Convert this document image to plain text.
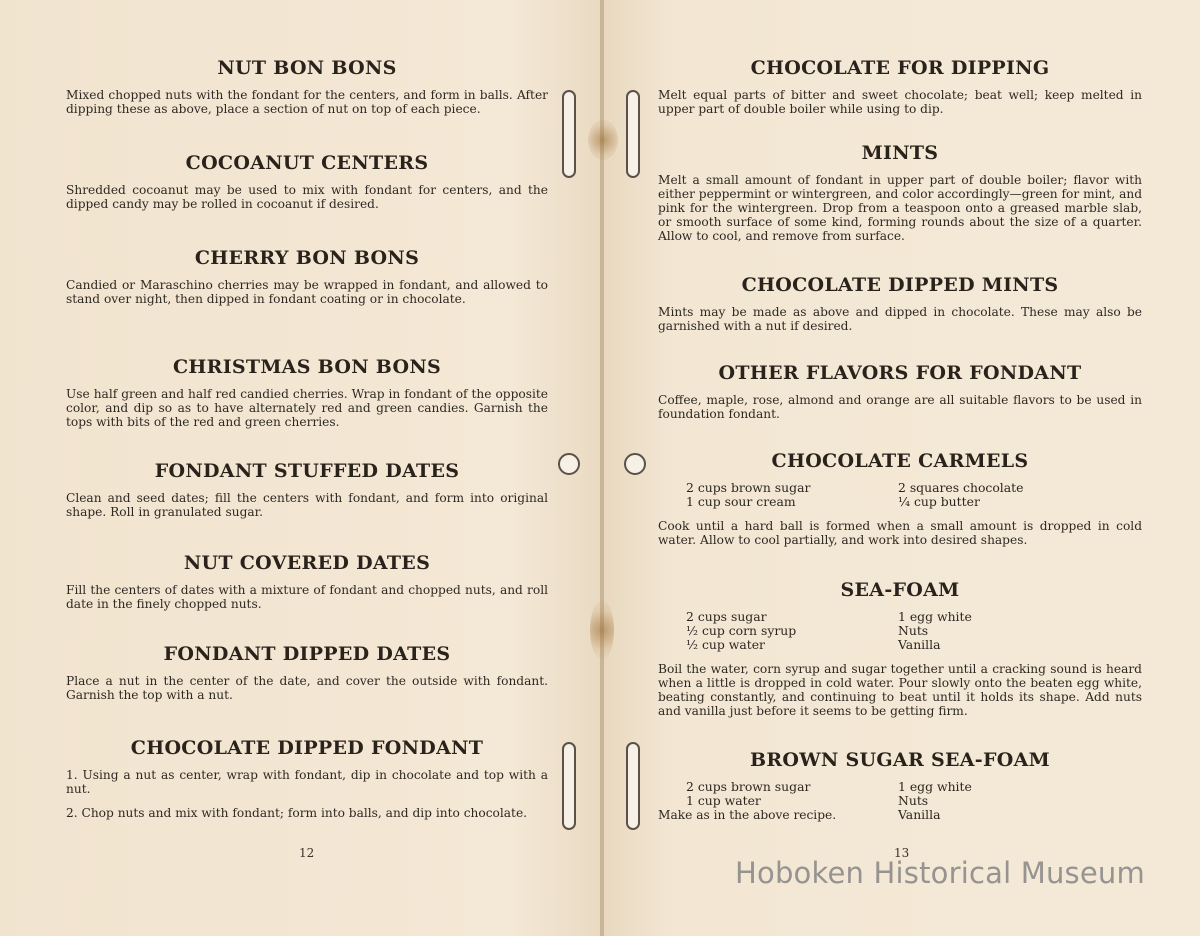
NUT BON BONS

Mixed chopped nuts with the fondant for the centers, and form in balls. After dipping these as above, place a section of nut on top of each piece.

COCOANUT CENTERS

Shredded cocoanut may be used to mix with fondant for centers, and the dipped candy may be rolled in cocoanut if desired.

CHERRY BON BONS

Candied or Maraschino cherries may be wrapped in fondant, and allowed to stand over night, then dipped in fondant coating or in chocolate.

CHRISTMAS BON BONS

Use half green and half red candied cherries. Wrap in fondant of the opposite color, and dip so as to have alternately red and green candies. Garnish the tops with bits of the red and green cherries.

FONDANT STUFFED DATES

Clean and seed dates; fill the centers with fondant, and form into original shape. Roll in granulated sugar.

NUT COVERED DATES

Fill the centers of dates with a mixture of fondant and chopped nuts, and roll date in the finely chopped nuts.

FONDANT DIPPED DATES

Place a nut in the center of the date, and cover the outside with fondant. Garnish the top with a nut.

CHOCOLATE DIPPED FONDANT

1. Using a nut as center, wrap with fondant, dip in chocolate and top with a nut.

2. Chop nuts and mix with fondant; form into balls, and dip into chocolate.

12
CHOCOLATE FOR DIPPING

Melt equal parts of bitter and sweet chocolate; beat well; keep melted in upper part of double boiler while using to dip.

MINTS

Melt a small amount of fondant in upper part of double boiler; flavor with either peppermint or wintergreen, and color accordingly—green for mint, and pink for the wintergreen. Drop from a teaspoon onto a greased marble slab, or smooth surface of some kind, forming rounds about the size of a quarter. Allow to cool, and remove from surface.

CHOCOLATE DIPPED MINTS

Mints may be made as above and dipped in chocolate. These may also be garnished with a nut if desired.

OTHER FLAVORS FOR FONDANT

Coffee, maple, rose, almond and orange are all suitable flavors to be used in foundation fondant.

CHOCOLATE CARMELS
2 cups brown sugar
1 cup sour cream
2 squares chocolate
¼ cup butter

Cook until a hard ball is formed when a small amount is dropped in cold water. Allow to cool partially, and work into desired shapes.

SEA-FOAM
2 cups sugar
½ cup corn syrup
½ cup water
1 egg white
Nuts
Vanilla

Boil the water, corn syrup and sugar together until a cracking sound is heard when a little is dropped in cold water. Pour slowly onto the beaten egg white, beating constantly, and continuing to beat until it holds its shape. Add nuts and vanilla just before it seems to be getting firm.

BROWN SUGAR SEA-FOAM
2 cups brown sugar
1 cup water
1 egg white
Nuts
Vanilla

Make as in the above recipe.

13
Hoboken Historical Museum
